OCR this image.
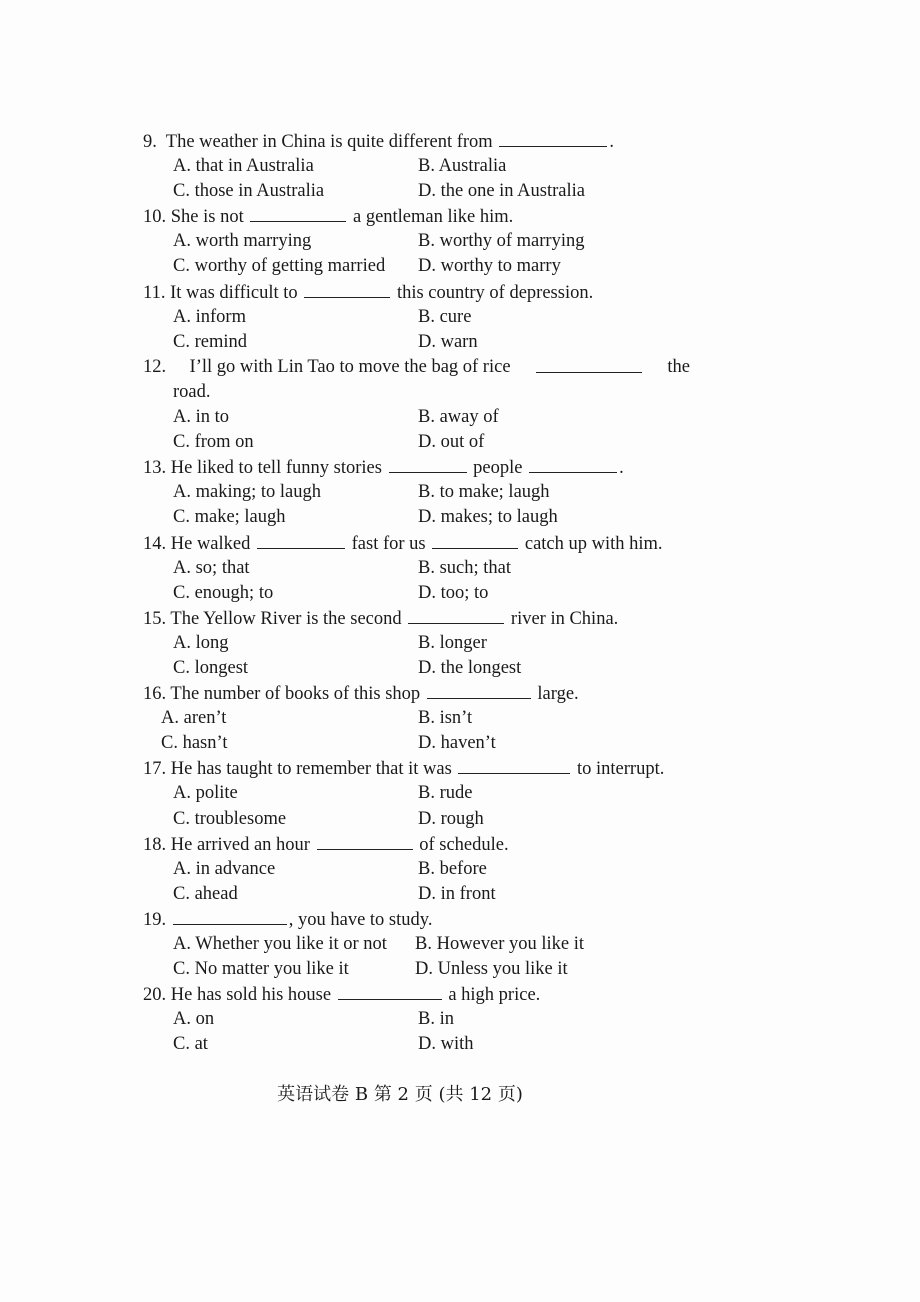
9. The weather in China is quite different from	.
A. that in Australia	B. Australia
C. those in Australia	D. the one in Australia
10. She is not	a gentleman like him.
A. worth marrying	B. worthy of marrying
C. worthy of getting married D. worthy to marry
11. It was difficult to	this country of depression.
A. inform	B. cure
C. remind	D. warn
12. I’ll go with Lin Tao to move the bag of rice	the
road.
A. in to	B. away of
C. from on	D. out of
13. He liked to tell funny stories	people	.
A. making; to laugh	B. to make; laugh
C. make; laugh	D. makes; to laugh
14. He walked	fast for us	catch up with him.
A. so; that	B. such; that
C. enough; to	D. too; to
15. The Yellow River is the second	river in China.
A. long	B. longer
C. longest	D. the longest
16. The number of books of this shop	large.
A. aren’t	B. isn’t
C. hasn’t	D. haven’t
17. He has taught to remember that it was	to interrupt.
A. polite	B. rude
C. troublesome	D. rough
18. He arrived an hour	of schedule.
A. in advance	B. before
C. ahead	D. in front
19.	, you have to study.
A. Whether you like it or not B. However you like it
C. No matter you like it	D. Unless you like it
20. He has sold his house	a high price.
A. on	B. in
C. at	D. with
英语试卷 B 第 2 页 (共 12 页)
